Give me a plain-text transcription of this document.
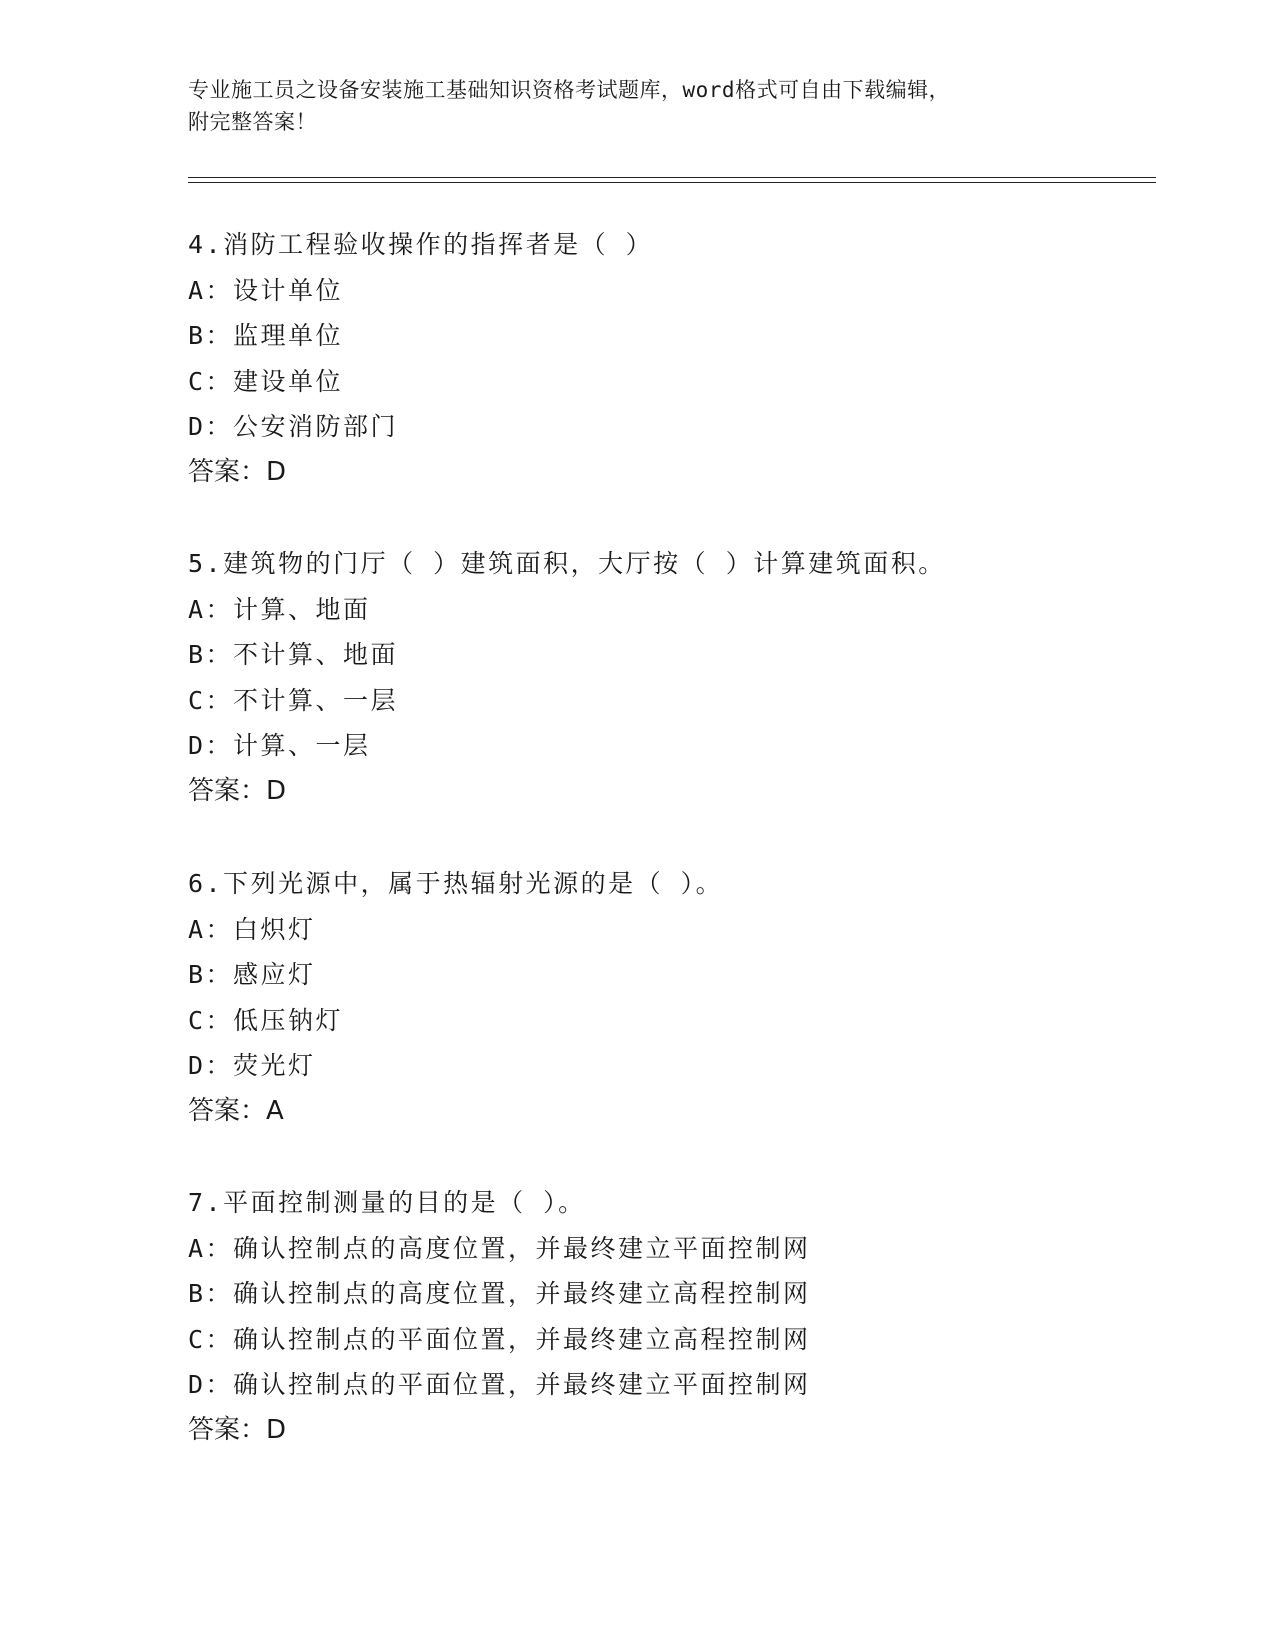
专业施工员之设备安装施工基础知识资格考试题库，word格式可自由下载编辑，
附完整答案！
4.消防工程验收操作的指挥者是（ ）
A：设计单位
B：监理单位
C：建设单位
D：公安消防部门
答案：D
5.建筑物的门厅（ ）建筑面积，大厅按（ ）计算建筑面积。
A：计算、地面
B：不计算、地面
C：不计算、一层
D：计算、一层
答案：D
6.下列光源中，属于热辐射光源的是（ ）。
A：白炽灯
B：感应灯
C：低压钠灯
D：荧光灯
答案：A
7.平面控制测量的目的是（ ）。
A：确认控制点的高度位置，并最终建立平面控制网
B：确认控制点的高度位置，并最终建立高程控制网
C：确认控制点的平面位置，并最终建立高程控制网
D：确认控制点的平面位置，并最终建立平面控制网
答案：D
